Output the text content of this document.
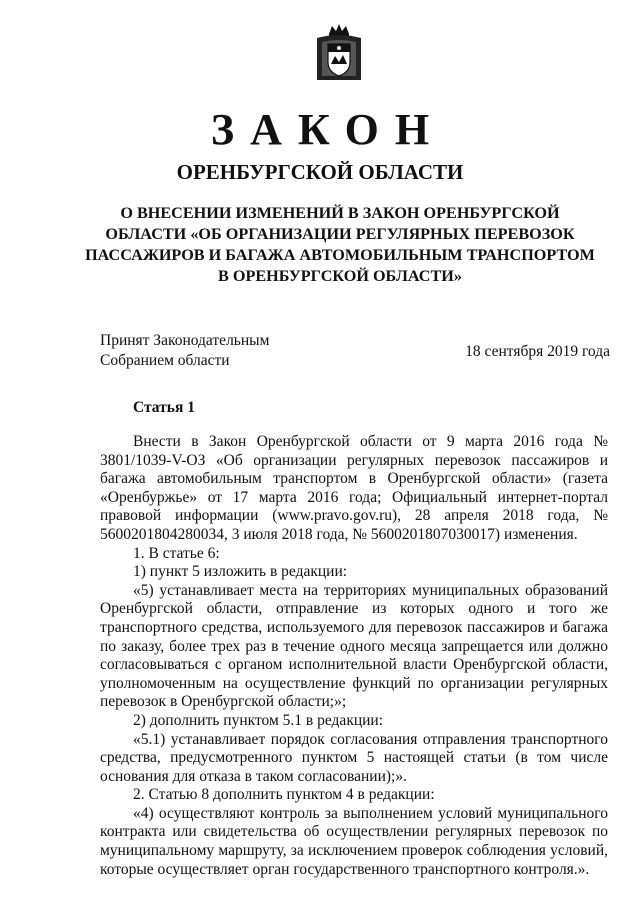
ЗАКОН
ОРЕНБУРГСКОЙ ОБЛАСТИ
О ВНЕСЕНИИ ИЗМЕНЕНИЙ В ЗАКОН ОРЕНБУРГСКОЙ ОБЛАСТИ «ОБ ОРГАНИЗАЦИИ РЕГУЛЯРНЫХ ПЕРЕВОЗОК ПАССАЖИРОВ И БАГАЖА АВТОМОБИЛЬНЫМ ТРАНСПОРТОМ В ОРЕНБУРГСКОЙ ОБЛАСТИ»
Принят Законодательным
Собранием области
18 сентября 2019 года
Статья 1

Внести в Закон Оренбургской области от 9 марта 2016 года № 3801/1039-V-ОЗ «Об организации регулярных перевозок пассажиров и багажа автомобильным транспортом в Оренбургской области» (газета «Оренбуржье» от 17 марта 2016 года; Официальный интернет-портал правовой информации (www.pravo.gov.ru), 28 апреля 2018 года, № 5600201804280034, 3 июля 2018 года, № 5600201807030017) изменения.

1. В статье 6:

1) пункт 5 изложить в редакции:

«5) устанавливает места на территориях муниципальных образований Оренбургской области, отправление из которых одного и того же транспортного средства, используемого для перевозок пассажиров и багажа по заказу, более трех раз в течение одного месяца запрещается или должно согласовываться с органом исполнительной власти Оренбургской области, уполномоченным на осуществление функций по организации регулярных перевозок в Оренбургской области;»;

2) дополнить пунктом 5.1 в редакции:

«5.1) устанавливает порядок согласования отправления транспортного средства, предусмотренного пунктом 5 настоящей статьи (в том числе основания для отказа в таком согласовании);».

2. Статью 8 дополнить пунктом 4 в редакции:

«4) осуществляют контроль за выполнением условий муниципального контракта или свидетельства об осуществлении регулярных перевозок по муниципальному маршруту, за исключением проверок соблюдения условий, которые осуществляет орган государственного транспортного контроля.».
